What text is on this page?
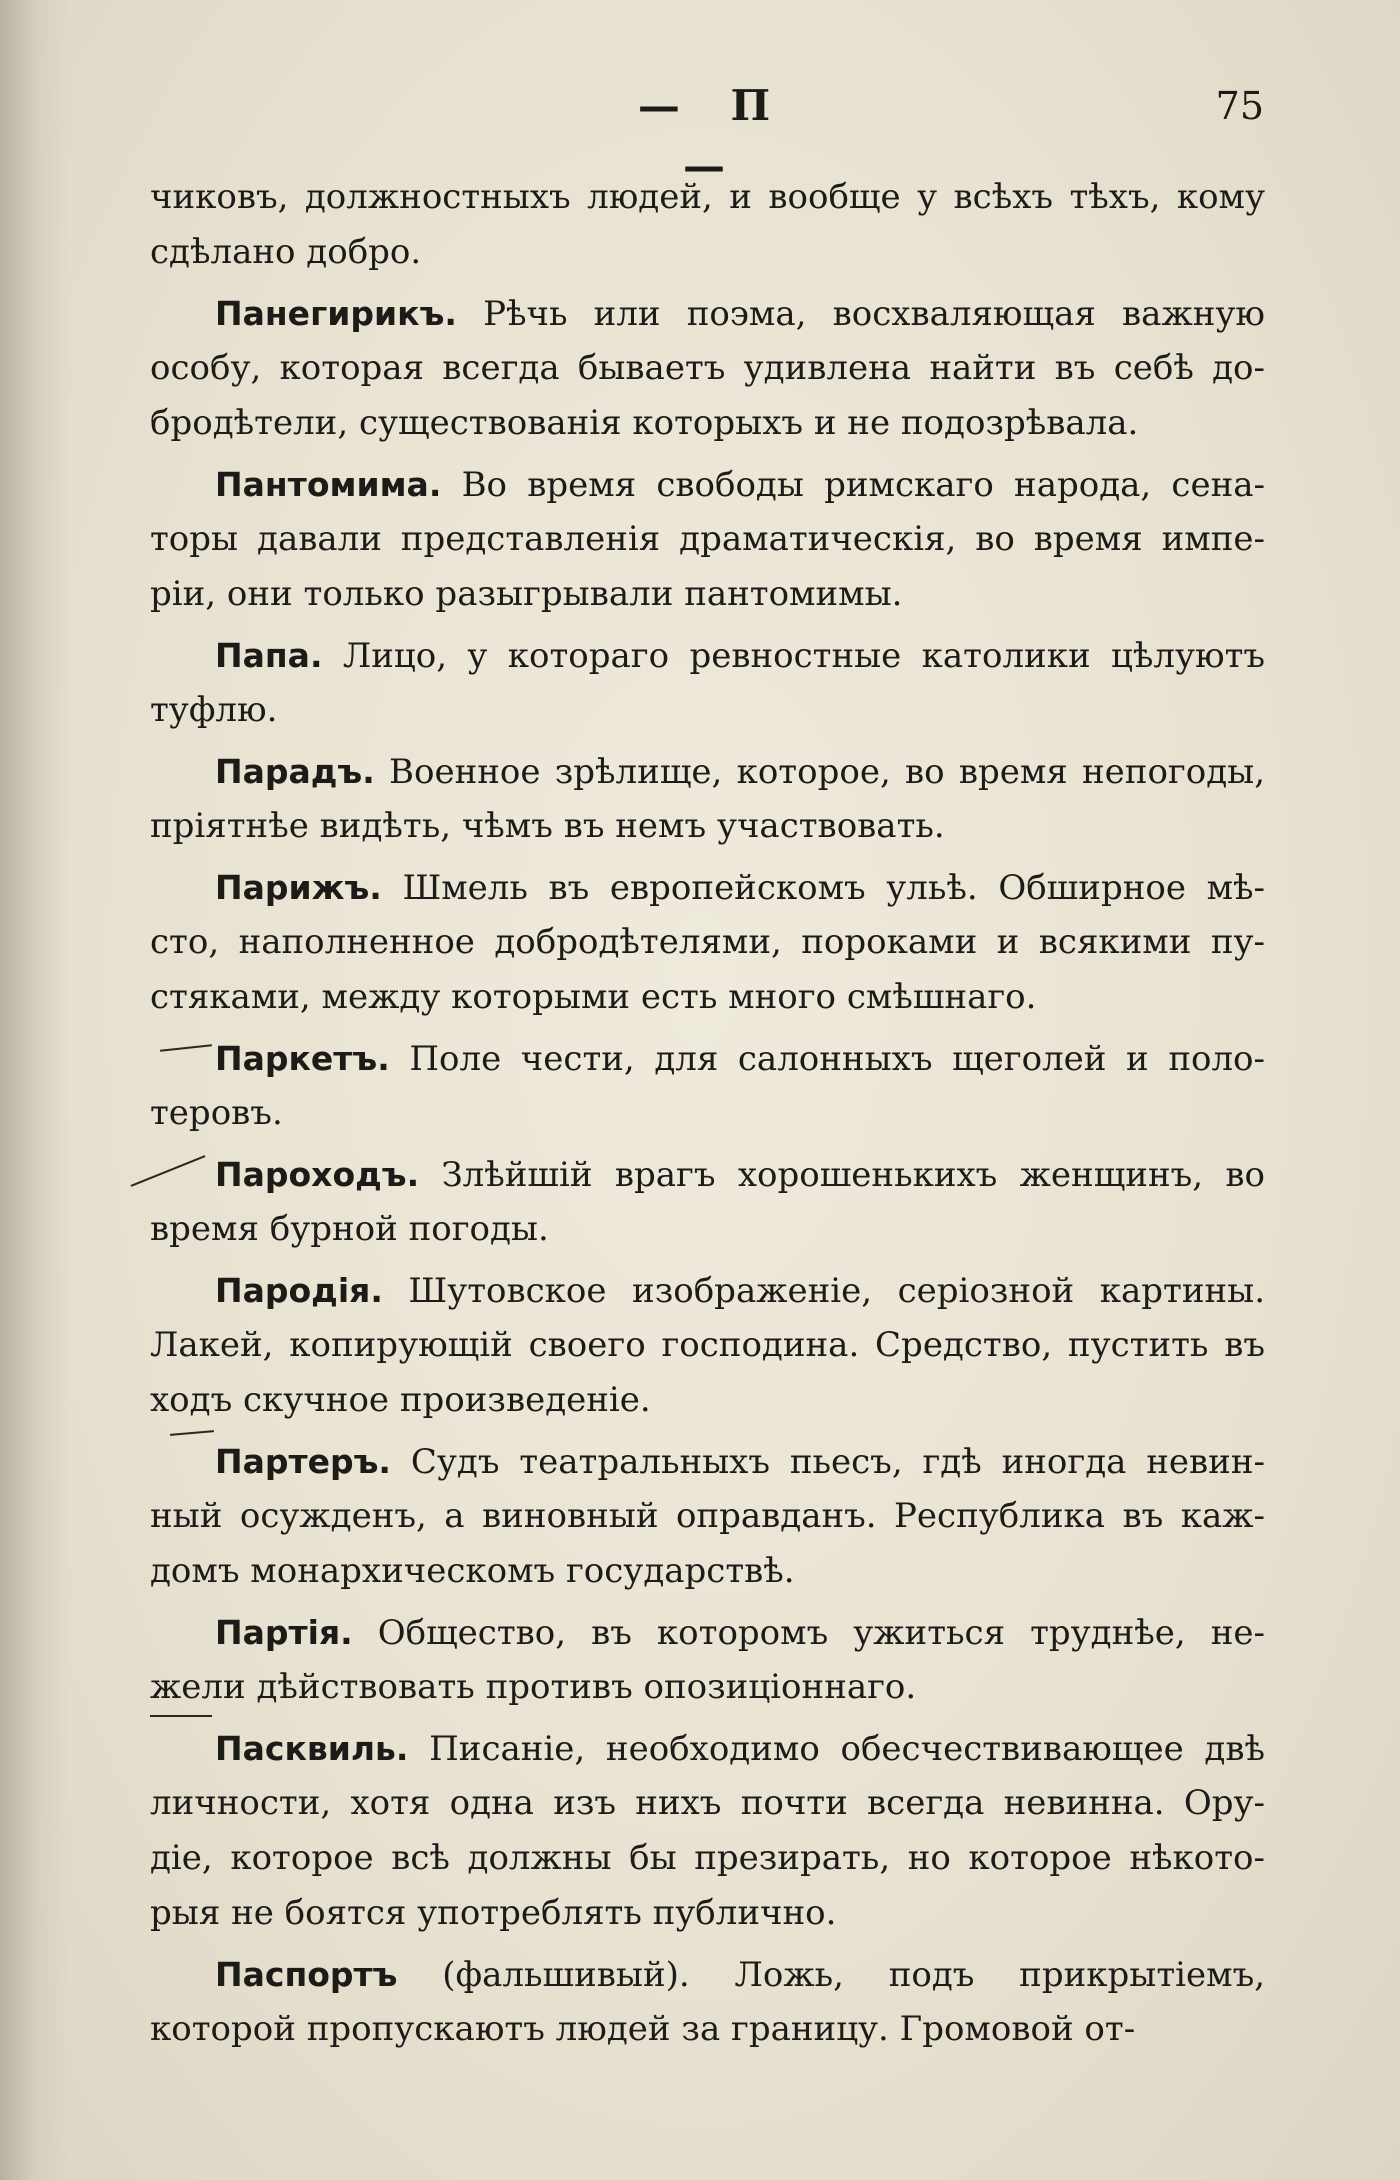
— П —
75
чиковъ, должностныхъ людей, и вообще у всѣхъ тѣхъ, кому
сдѣлано добро.
Панегирикъ. Рѣчь или поэма, восхваляющая важную
особу, которая всегда бываетъ удивлена найти въ себѣ до-
бродѣтели, существованія которыхъ и не подозрѣвала.
Пантомима. Во время свободы римскаго народа, сена-
торы давали представленія драматическія, во время импе-
ріи, они только разыгрывали пантомимы.
Папа. Лицо, у котораго ревностные католики цѣлуютъ
туфлю.
Парадъ. Военное зрѣлище, которое, во время непогоды,
пріятнѣе видѣть, чѣмъ въ немъ участвовать.
Парижъ. Шмель въ европейскомъ ульѣ. Обширное мѣ-
сто, наполненное добродѣтелями, пороками и всякими пу-
стяками, между которыми есть много смѣшнаго.
Паркетъ. Поле чести, для салонныхъ щеголей и поло-
теровъ.
Пароходъ. Злѣйшій врагъ хорошенькихъ женщинъ, во
время бурной погоды.
Пародія. Шутовское изображеніе, серіозной картины.
Лакей, копирующій своего господина. Средство, пустить въ
ходъ скучное произведеніе.
Партеръ. Судъ театральныхъ пьесъ, гдѣ иногда невин-
ный осужденъ, а виновный оправданъ. Республика въ каж-
домъ монархическомъ государствѣ.
Партія. Общество, въ которомъ ужиться труднѣе, не-
жели дѣйствовать противъ опозиціоннаго.
Пасквиль. Писаніе, необходимо обесчествивающее двѣ
личности, хотя одна изъ нихъ почти всегда невинна. Ору-
діе, которое всѣ должны бы презирать, но которое нѣкото-
рыя не боятся употреблять публично.
Паспортъ (фальшивый). Ложь, подъ прикрытіемъ,
которой пропускаютъ людей за границу. Громовой от-
